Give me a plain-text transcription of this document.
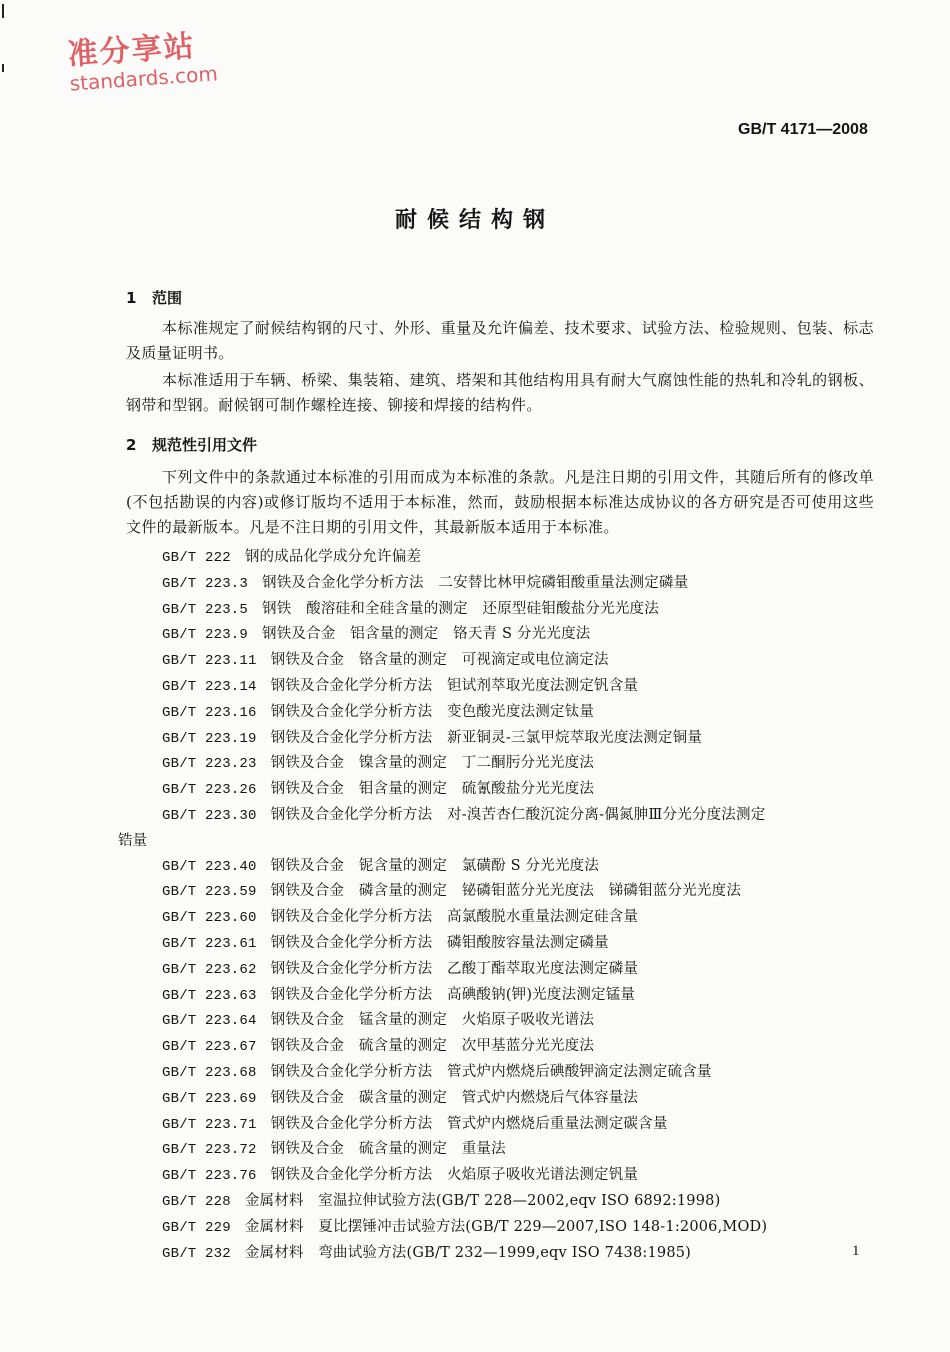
准分享站
standards.com
GB/T 4171—2008
耐候结构钢
1 范围
本标准规定了耐候结构钢的尺寸、外形、重量及允许偏差、技术要求、试验方法、检验规则、包装、标志及质量证明书。
本标准适用于车辆、桥梁、集装箱、建筑、塔架和其他结构用具有耐大气腐蚀性能的热轧和冷轧的钢板、钢带和型钢。耐候钢可制作螺栓连接、铆接和焊接的结构件。
2 规范性引用文件
下列文件中的条款通过本标准的引用而成为本标准的条款。凡是注日期的引用文件，其随后所有的修改单(不包括勘误的内容)或修订版均不适用于本标准，然而，鼓励根据本标准达成协议的各方研究是否可使用这些文件的最新版本。凡是不注日期的引用文件，其最新版本适用于本标准。
GB/T 222 钢的成品化学成分允许偏差
GB/T 223.3 钢铁及合金化学分析方法　二安替比林甲烷磷钼酸重量法测定磷量
GB/T 223.5 钢铁　酸溶硅和全硅含量的测定　还原型硅钼酸盐分光光度法
GB/T 223.9 钢铁及合金　铝含量的测定　铬天青 S 分光光度法
GB/T 223.11 钢铁及合金　铬含量的测定　可视滴定或电位滴定法
GB/T 223.14 钢铁及合金化学分析方法　钽试剂萃取光度法测定钒含量
GB/T 223.16 钢铁及合金化学分析方法　变色酸光度法测定钛量
GB/T 223.19 钢铁及合金化学分析方法　新亚铜灵-三氯甲烷萃取光度法测定铜量
GB/T 223.23 钢铁及合金　镍含量的测定　丁二酮肟分光光度法
GB/T 223.26 钢铁及合金　钼含量的测定　硫氰酸盐分光光度法
GB/T 223.30 钢铁及合金化学分析方法　对-溴苦杏仁酸沉淀分离-偶氮胂Ⅲ分光分度法测定
锆量
GB/T 223.40 钢铁及合金　铌含量的测定　氯磺酚 S 分光光度法
GB/T 223.59 钢铁及合金　磷含量的测定　铋磷钼蓝分光光度法　锑磷钼蓝分光光度法
GB/T 223.60 钢铁及合金化学分析方法　高氯酸脱水重量法测定硅含量
GB/T 223.61 钢铁及合金化学分析方法　磷钼酸胺容量法测定磷量
GB/T 223.62 钢铁及合金化学分析方法　乙酸丁酯萃取光度法测定磷量
GB/T 223.63 钢铁及合金化学分析方法　高碘酸钠(钾)光度法测定锰量
GB/T 223.64 钢铁及合金　锰含量的测定　火焰原子吸收光谱法
GB/T 223.67 钢铁及合金　硫含量的测定　次甲基蓝分光光度法
GB/T 223.68 钢铁及合金化学分析方法　管式炉内燃烧后碘酸钾滴定法测定硫含量
GB/T 223.69 钢铁及合金　碳含量的测定　管式炉内燃烧后气体容量法
GB/T 223.71 钢铁及合金化学分析方法　管式炉内燃烧后重量法测定碳含量
GB/T 223.72 钢铁及合金　硫含量的测定　重量法
GB/T 223.76 钢铁及合金化学分析方法　火焰原子吸收光谱法测定钒量
GB/T 228 金属材料　室温拉伸试验方法(GB/T 228—2002,eqv ISO 6892:1998)
GB/T 229 金属材料　夏比摆锤冲击试验方法(GB/T 229—2007,ISO 148-1:2006,MOD)
GB/T 232 金属材料　弯曲试验方法(GB/T 232—1999,eqv ISO 7438:1985)	1
